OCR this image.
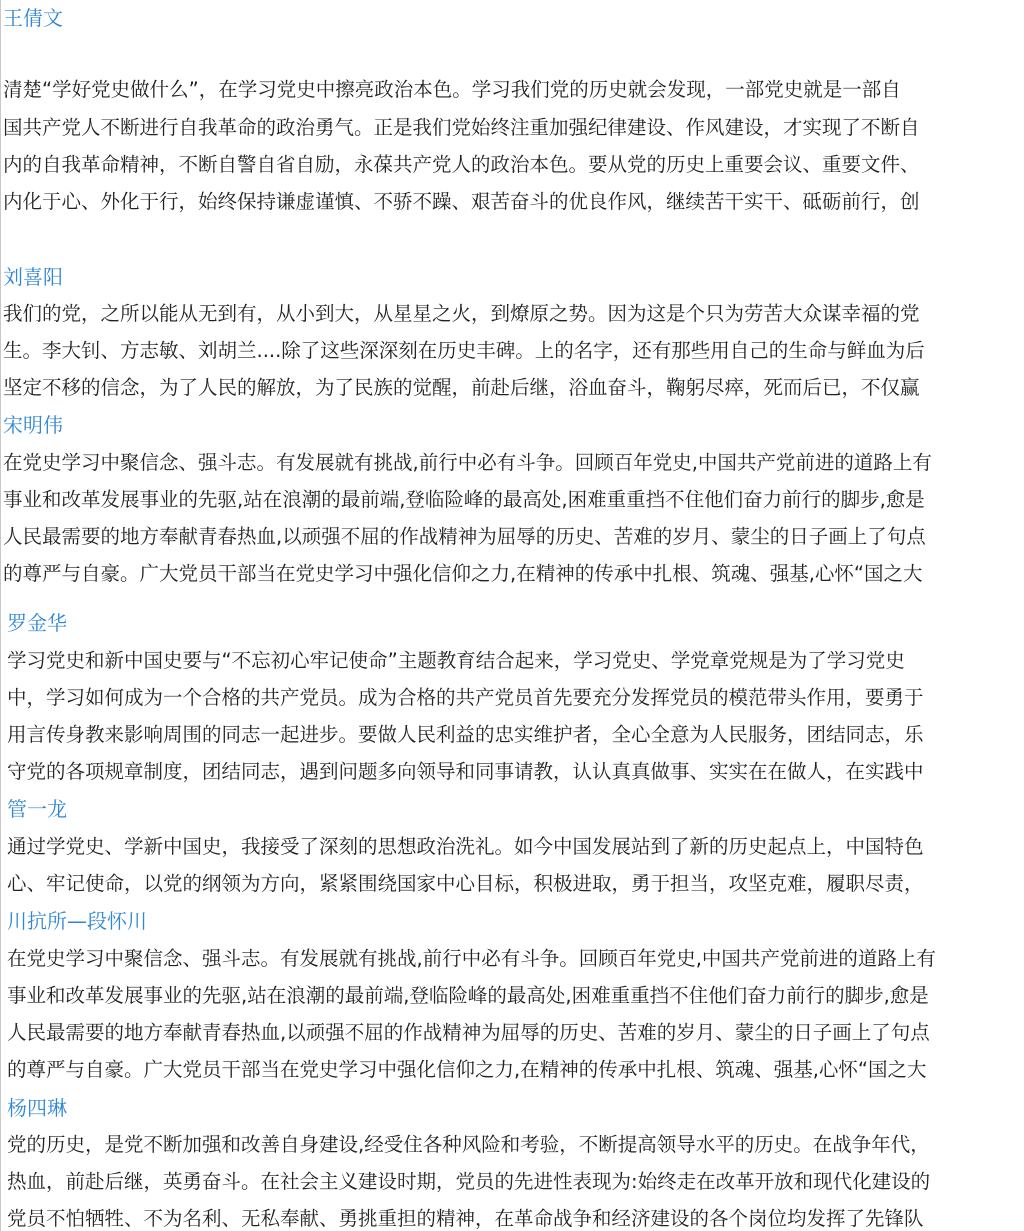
王倩文
清楚“学好党史做什么”，在学习党史中擦亮政治本色。学习我们党的历史就会发现，一部党史就是一部自
国共产党人不断进行自我革命的政治勇气。正是我们党始终注重加强纪律建设、作风建设，才实现了不断自
内的自我革命精神，不断自警自省自励，永葆共产党人的政治本色。要从党的历史上重要会议、重要文件、
内化于心、外化于行，始终保持谦虚谨慎、不骄不躁、艰苦奋斗的优良作风，继续苦干实干、砥砺前行，创
刘喜阳
我们的党，之所以能从无到有，从小到大，从星星之火，到燎原之势。因为这是个只为劳苦大众谋幸福的党
生。李大钊、方志敏、刘胡兰....除了这些深深刻在历史丰碑。上的名字，还有那些用自己的生命与鲜血为后
坚定不移的信念，为了人民的解放，为了民族的觉醒，前赴后继，浴血奋斗，鞠躬尽瘁，死而后已，不仅赢
宋明伟
在党史学习中聚信念、强斗志。有发展就有挑战,前行中必有斗争。回顾百年党史,中国共产党前进的道路上有
事业和改革发展事业的先驱,站在浪潮的最前端,登临险峰的最高处,困难重重挡不住他们奋力前行的脚步,愈是
人民最需要的地方奉献青春热血,以顽强不屈的作战精神为屈辱的历史、苦难的岁月、蒙尘的日子画上了句点
的尊严与自豪。广大党员干部当在党史学习中强化信仰之力,在精神的传承中扎根、筑魂、强基,心怀“国之大
罗金华
学习党史和新中国史要与“不忘初心牢记使命”主题教育结合起来，学习党史、学党章党规是为了学习党史
中，学习如何成为一个合格的共产党员。成为合格的共产党员首先要充分发挥党员的模范带头作用，要勇于
用言传身教来影响周围的同志一起进步。要做人民利益的忠实维护者，全心全意为人民服务，团结同志，乐
守党的各项规章制度，团结同志，遇到问题多向领导和同事请教，认认真真做事、实实在在做人，在实践中
管一龙
通过学党史、学新中国史，我接受了深刻的思想政治洗礼。如今中国发展站到了新的历史起点上，中国特色
心、牢记使命，以党的纲领为方向，紧紧围绕国家中心目标，积极进取，勇于担当，攻坚克难，履职尽责，
川抗所—段怀川
在党史学习中聚信念、强斗志。有发展就有挑战,前行中必有斗争。回顾百年党史,中国共产党前进的道路上有
事业和改革发展事业的先驱,站在浪潮的最前端,登临险峰的最高处,困难重重挡不住他们奋力前行的脚步,愈是
人民最需要的地方奉献青春热血,以顽强不屈的作战精神为屈辱的历史、苦难的岁月、蒙尘的日子画上了句点
的尊严与自豪。广大党员干部当在党史学习中强化信仰之力,在精神的传承中扎根、筑魂、强基,心怀“国之大
杨四琳
党的历史，是党不断加强和改善自身建设,经受住各种风险和考验，不断提高领导水平的历史。在战争年代，
热血，前赴后继，英勇奋斗。在社会主义建设时期，党员的先进性表现为:始终走在改革开放和现代化建设的
党员不怕牺牲、不为名利、无私奉献、勇挑重担的精神，在革命战争和经济建设的各个岗位均发挥了先锋队
